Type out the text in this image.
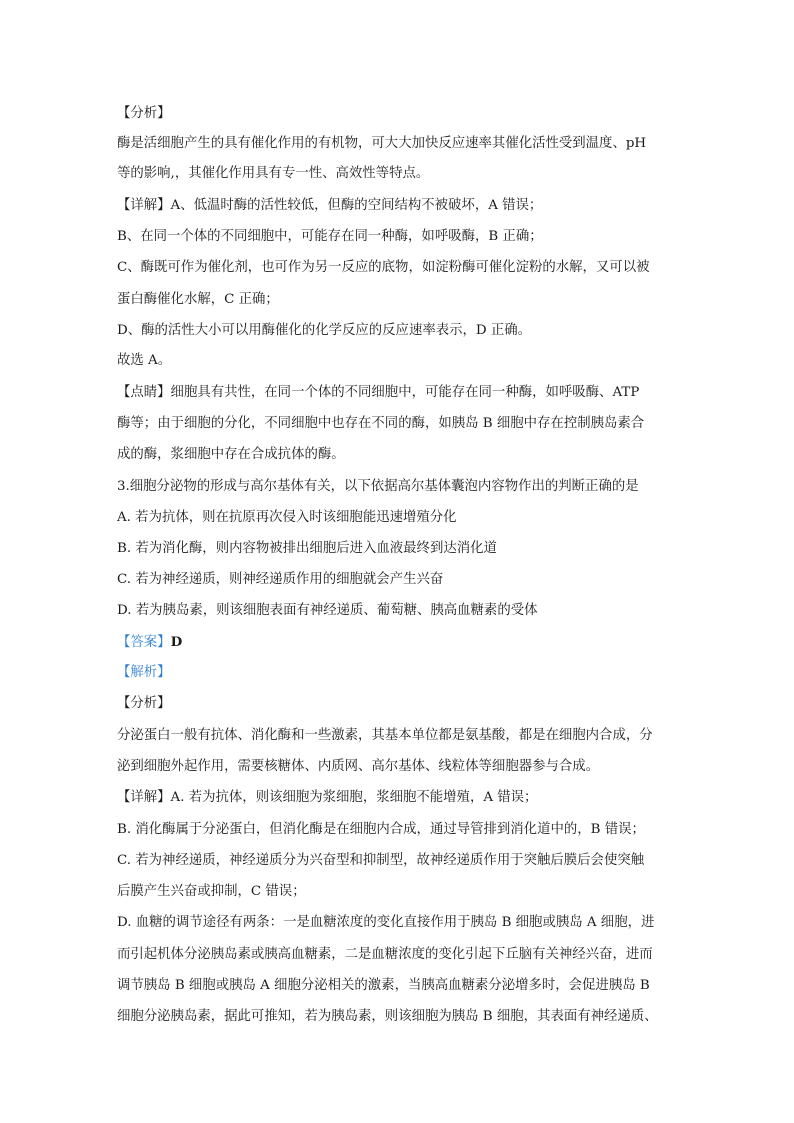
【分析】
酶是活细胞产生的具有催化作用的有机物，可大大加快反应速率其催化活性受到温度、pH
等的影响,，其催化作用具有专一性、高效性等特点。
【详解】A、低温时酶的活性较低，但酶的空间结构不被破坏，A 错误；
B、在同一个体的不同细胞中，可能存在同一种酶，如呼吸酶，B 正确；
C、酶既可作为催化剂，也可作为另一反应的底物，如淀粉酶可催化淀粉的水解，又可以被
蛋白酶催化水解，C 正确；
D、酶的活性大小可以用酶催化的化学反应的反应速率表示，D 正确。
故选 A。
【点睛】细胞具有共性，在同一个体的不同细胞中，可能存在同一种酶，如呼吸酶、ATP
酶等；由于细胞的分化，不同细胞中也存在不同的酶，如胰岛 B 细胞中存在控制胰岛素合
成的酶，浆细胞中存在合成抗体的酶。
3.细胞分泌物的形成与高尔基体有关，以下依据高尔基体囊泡内容物作出的判断正确的是
A. 若为抗体，则在抗原再次侵入时该细胞能迅速增殖分化
B. 若为消化酶，则内容物被排出细胞后进入血液最终到达消化道
C. 若为神经递质，则神经递质作用的细胞就会产生兴奋
D. 若为胰岛素，则该细胞表面有神经递质、葡萄糖、胰高血糖素的受体
【答案】D
【解析】
【分析】
分泌蛋白一般有抗体、消化酶和一些激素，其基本单位都是氨基酸，都是在细胞内合成，分
泌到细胞外起作用，需要核糖体、内质网、高尔基体、线粒体等细胞器参与合成。
【详解】A. 若为抗体，则该细胞为浆细胞，浆细胞不能增殖，A 错误；
B. 消化酶属于分泌蛋白，但消化酶是在细胞内合成，通过导管排到消化道中的，B 错误；
C. 若为神经递质，神经递质分为兴奋型和抑制型，故神经递质作用于突触后膜后会使突触
后膜产生兴奋或抑制，C 错误；
D. 血糖的调节途径有两条：一是血糖浓度的变化直接作用于胰岛 B 细胞或胰岛 A 细胞，进
而引起机体分泌胰岛素或胰高血糖素，二是血糖浓度的变化引起下丘脑有关神经兴奋，进而
调节胰岛 B 细胞或胰岛 A 细胞分泌相关的激素，当胰高血糖素分泌增多时，会促进胰岛 B
细胞分泌胰岛素，据此可推知，若为胰岛素，则该细胞为胰岛 B 细胞，其表面有神经递质、
